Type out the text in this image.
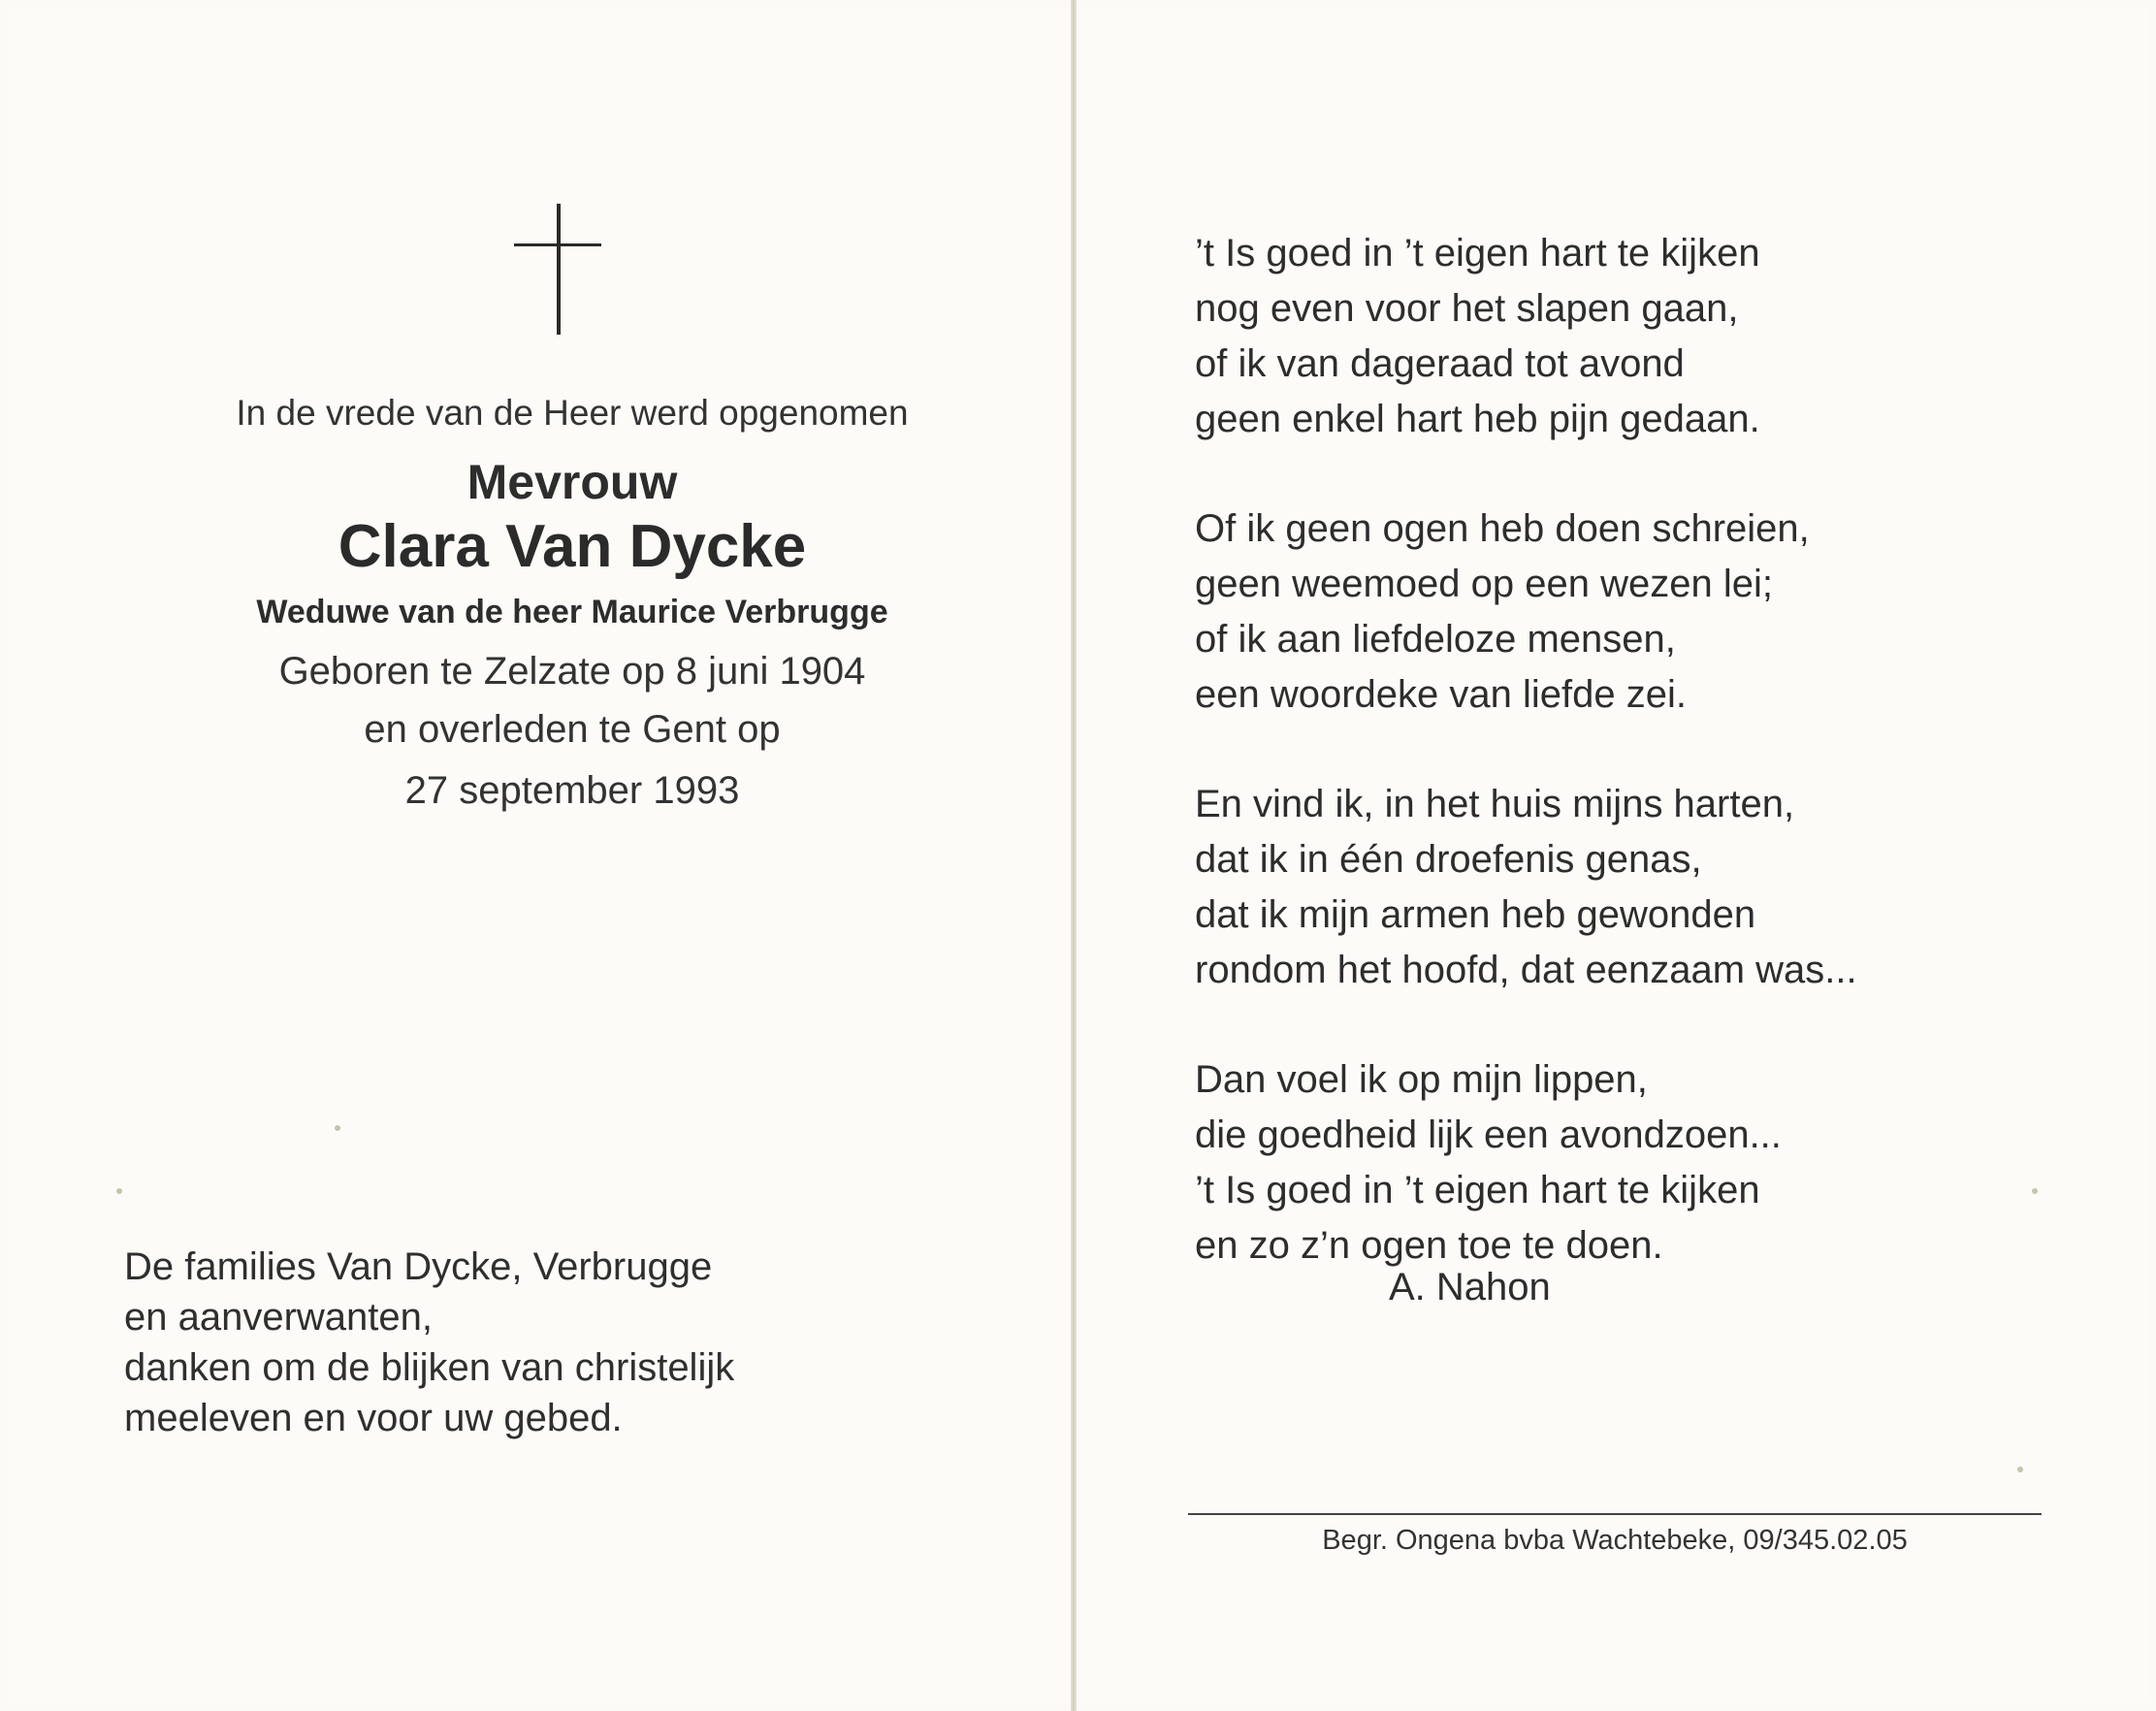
In de vrede van de Heer werd opgenomen
Mevrouw
Clara Van Dycke
Weduwe van de heer Maurice Verbrugge
Geboren te Zelzate op 8 juni 1904
en overleden te Gent op
27 september 1993
De families Van Dycke, Verbrugge
en aanverwanten,
danken om de blijken van christelijk
meeleven en voor uw gebed.
’t Is goed in ’t eigen hart te kijken
nog even voor het slapen gaan,
of ik van dageraad tot avond
geen enkel hart heb pijn gedaan.
Of ik geen ogen heb doen schreien,
geen weemoed op een wezen lei;
of ik aan liefdeloze mensen,
een woordeke van liefde zei.
En vind ik, in het huis mijns harten,
dat ik in één droefenis genas,
dat ik mijn armen heb gewonden
rondom het hoofd, dat eenzaam was...
Dan voel ik op mijn lippen,
die goedheid lijk een avondzoen...
’t Is goed in ’t eigen hart te kijken
en zo z’n ogen toe te doen.
A. Nahon
Begr. Ongena bvba Wachtebeke, 09/345.02.05
